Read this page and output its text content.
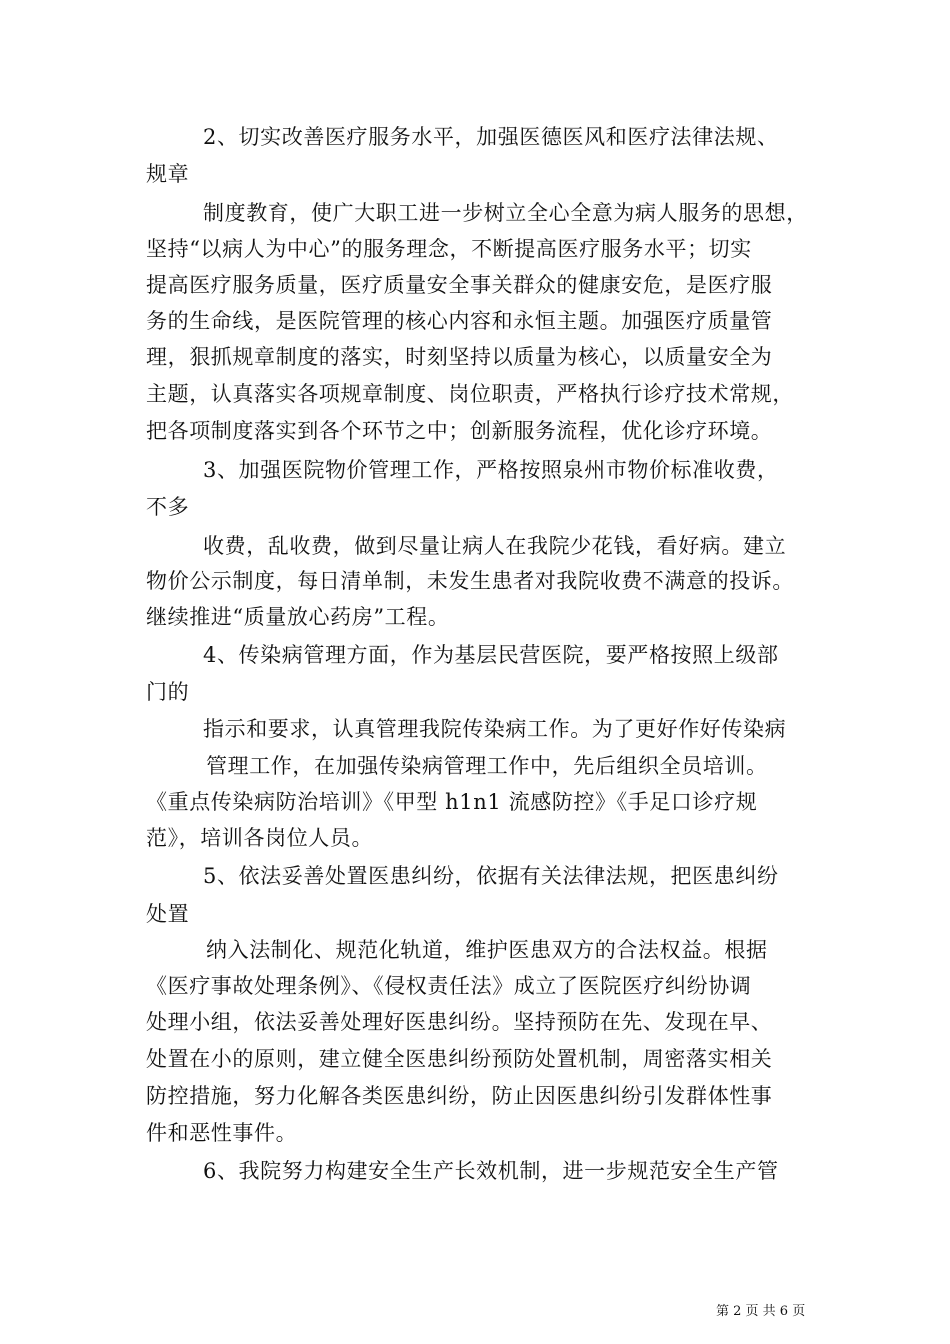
2、切实改善医疗服务水平，加强医德医风和医疗法律法规、
规章
制度教育，使广大职工进一步树立全心全意为病人服务的思想，
坚持“以病人为中心”的服务理念，不断提高医疗服务水平；切实
提高医疗服务质量，医疗质量安全事关群众的健康安危，是医疗服
务的生命线，是医院管理的核心内容和永恒主题。加强医疗质量管
理，狠抓规章制度的落实，时刻坚持以质量为核心，以质量安全为
主题，认真落实各项规章制度、岗位职责，严格执行诊疗技术常规，
把各项制度落实到各个环节之中；创新服务流程，优化诊疗环境。
3、加强医院物价管理工作，严格按照泉州市物价标准收费，
不多
收费，乱收费，做到尽量让病人在我院少花钱，看好病。建立
物价公示制度，每日清单制，未发生患者对我院收费不满意的投诉。
继续推进“质量放心药房”工程。
4、传染病管理方面，作为基层民营医院，要严格按照上级部
门的
指示和要求，认真管理我院传染病工作。为了更好作好传染病
管理工作，在加强传染病管理工作中，先后组织全员培训。
《重点传染病防治培训》《甲型 h1n1 流感防控》《手足口诊疗规
范》，培训各岗位人员。
5、依法妥善处置医患纠纷，依据有关法律法规，把医患纠纷
处置
纳入法制化、规范化轨道，维护医患双方的合法权益。根据
《医疗事故处理条例》、《侵权责任法》成立了医院医疗纠纷协调
处理小组，依法妥善处理好医患纠纷。坚持预防在先、发现在早、
处置在小的原则，建立健全医患纠纷预防处置机制，周密落实相关
防控措施，努力化解各类医患纠纷，防止因医患纠纷引发群体性事
件和恶性事件。
6、我院努力构建安全生产长效机制，进一步规范安全生产管
第 2 页 共 6 页
